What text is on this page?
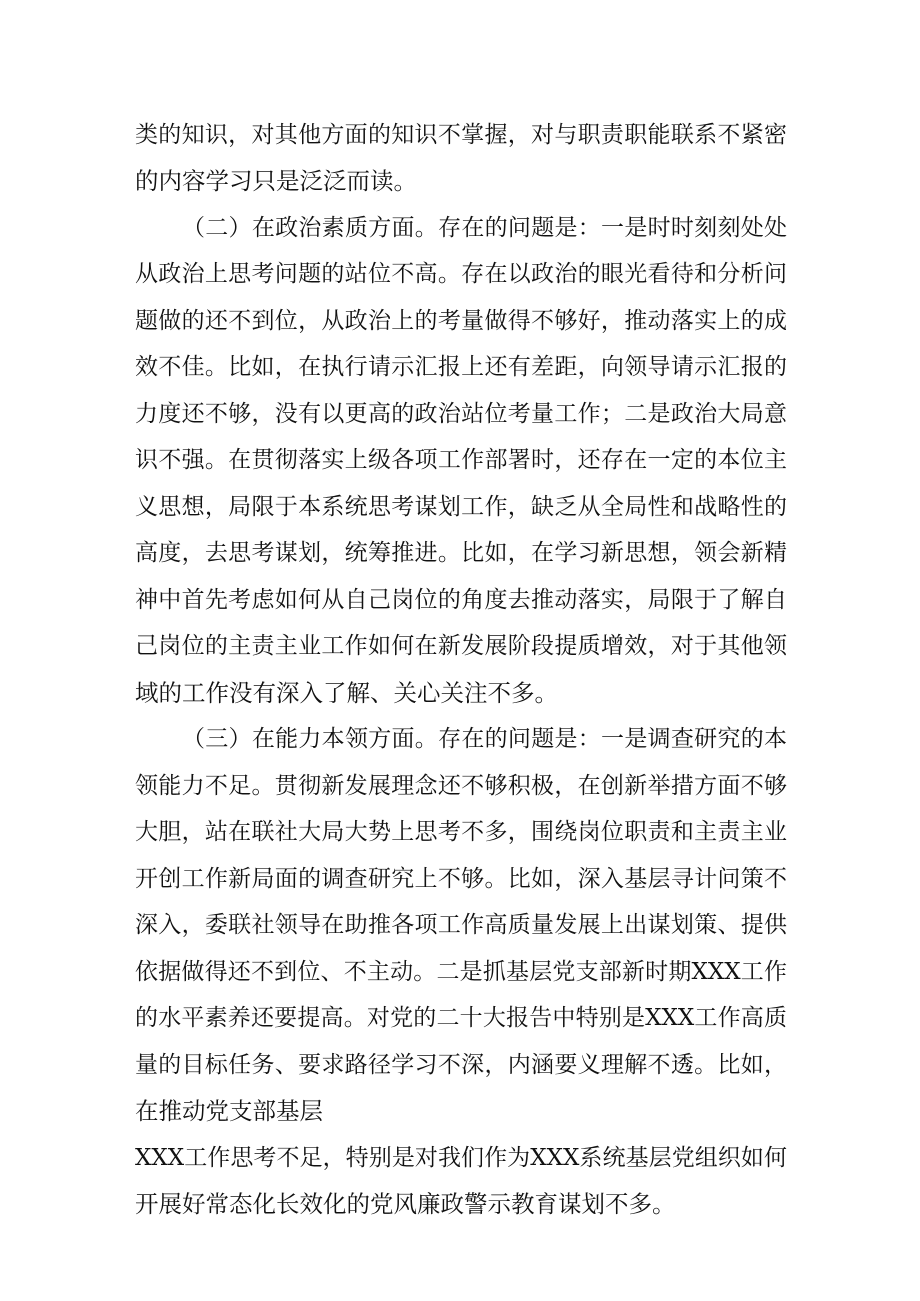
类的知识，对其他方面的知识不掌握，对与职责职能联系不紧密
的内容学习只是泛泛而读。
（二）在政治素质方面。存在的问题是：一是时时刻刻处处
从政治上思考问题的站位不高。存在以政治的眼光看待和分析问
题做的还不到位，从政治上的考量做得不够好，推动落实上的成
效不佳。比如，在执行请示汇报上还有差距，向领导请示汇报的
力度还不够，没有以更高的政治站位考量工作；二是政治大局意
识不强。在贯彻落实上级各项工作部署时，还存在一定的本位主
义思想，局限于本系统思考谋划工作，缺乏从全局性和战略性的
高度，去思考谋划，统筹推进。比如，在学习新思想，领会新精
神中首先考虑如何从自己岗位的角度去推动落实，局限于了解自
己岗位的主责主业工作如何在新发展阶段提质增效，对于其他领
域的工作没有深入了解、关心关注不多。
（三）在能力本领方面。存在的问题是：一是调查研究的本
领能力不足。贯彻新发展理念还不够积极，在创新举措方面不够
大胆，站在联社大局大势上思考不多，围绕岗位职责和主责主业
开创工作新局面的调查研究上不够。比如，深入基层寻计问策不
深入，委联社领导在助推各项工作高质量发展上出谋划策、提供
依据做得还不到位、不主动。二是抓基层党支部新时期XXX工作
的水平素养还要提高。对党的二十大报告中特别是XXX工作高质
量的目标任务、要求路径学习不深，内涵要义理解不透。比如，
在推动党支部基层
XXX工作思考不足，特别是对我们作为XXX系统基层党组织如何
开展好常态化长效化的党风廉政警示教育谋划不多。
